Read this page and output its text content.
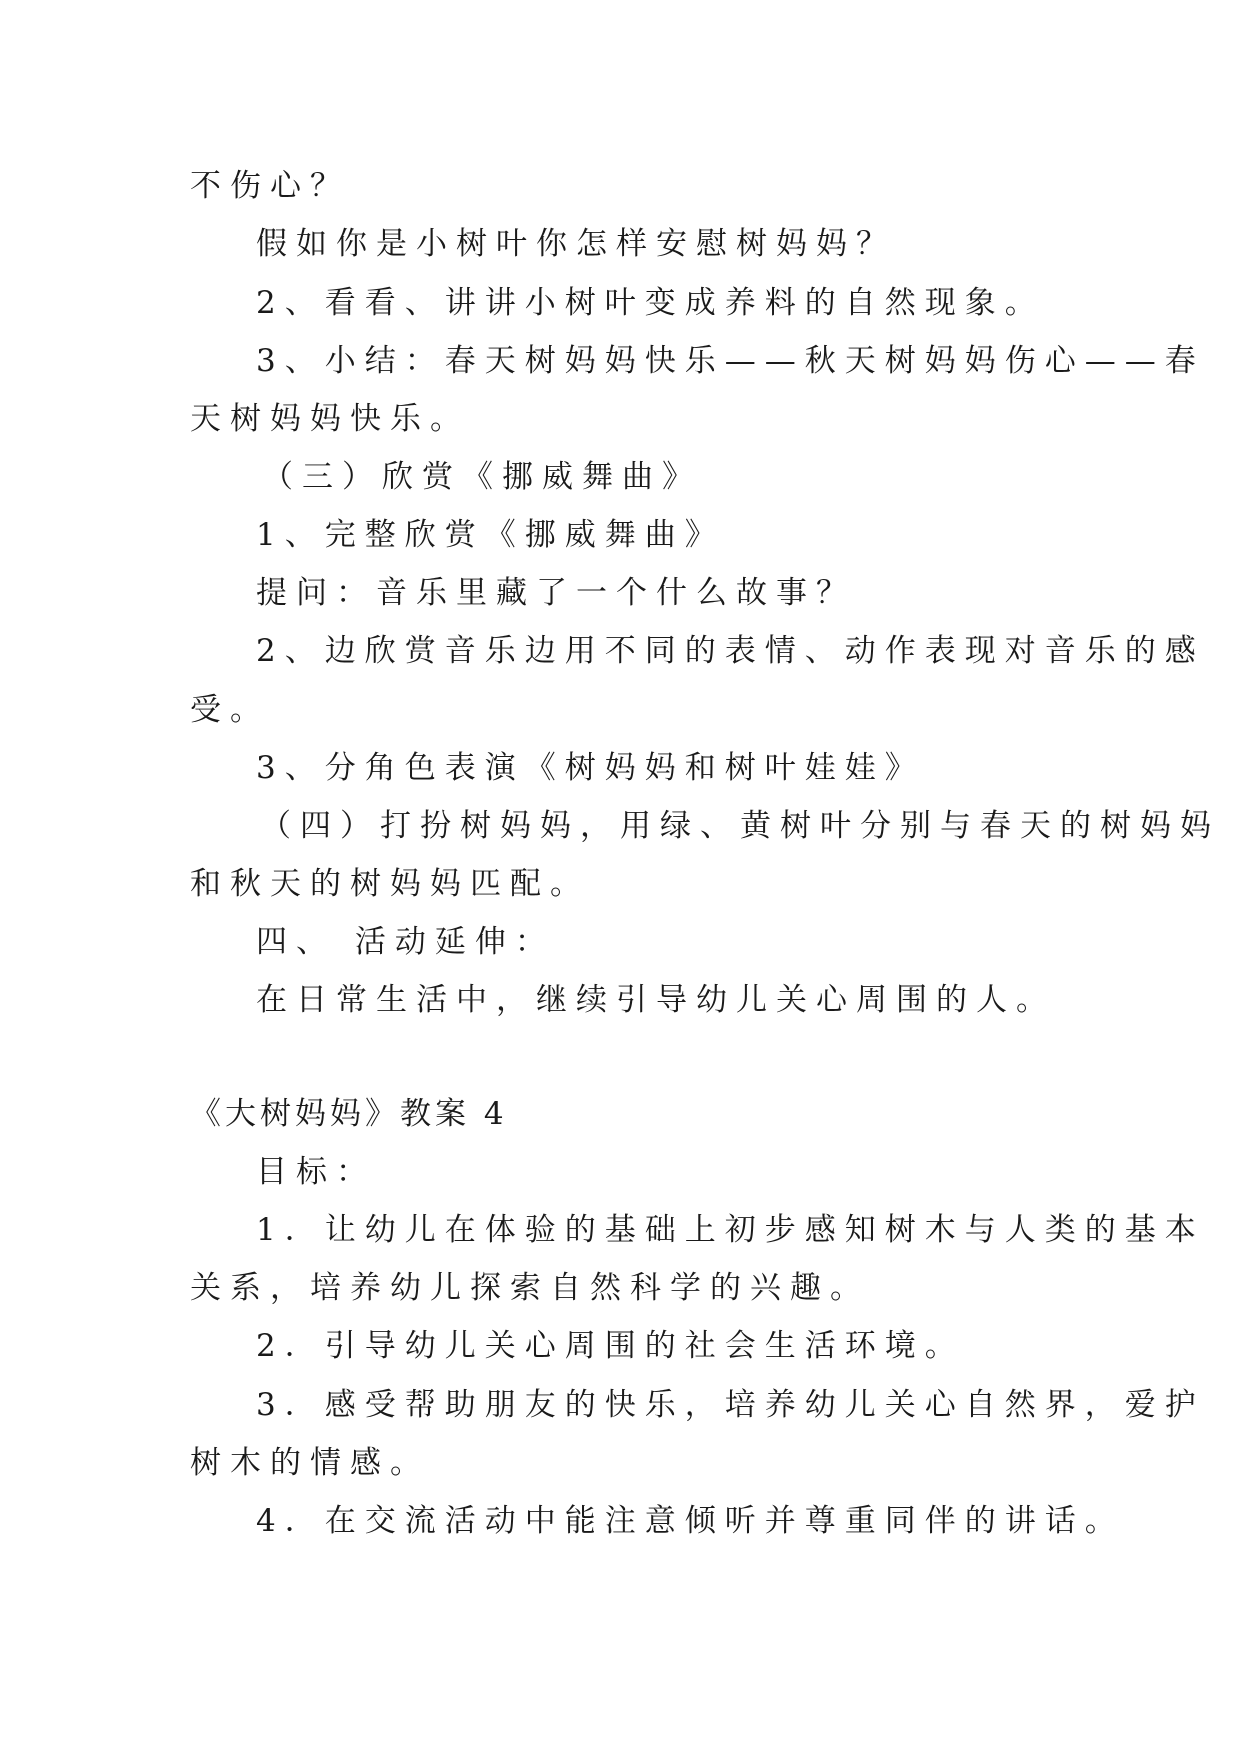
不伤心？
假如你是小树叶你怎样安慰树妈妈？
2、看看、讲讲小树叶变成养料的自然现象。
3、小结：春天树妈妈快乐——秋天树妈妈伤心——春
天树妈妈快乐。
（三）欣赏《挪威舞曲》
1、完整欣赏《挪威舞曲》
提问：音乐里藏了一个什么故事？
2、边欣赏音乐边用不同的表情、动作表现对音乐的感
受。
3、分角色表演《树妈妈和树叶娃娃》
（四）打扮树妈妈，用绿、黄树叶分别与春天的树妈妈
和秋天的树妈妈匹配。
四、 活动延伸：
在日常生活中，继续引导幼儿关心周围的人。
《大树妈妈》教案 4
目标：
1．让幼儿在体验的基础上初步感知树木与人类的基本
关系，培养幼儿探索自然科学的兴趣。
2．引导幼儿关心周围的社会生活环境。
3．感受帮助朋友的快乐，培养幼儿关心自然界，爱护
树木的情感。
4．在交流活动中能注意倾听并尊重同伴的讲话。
